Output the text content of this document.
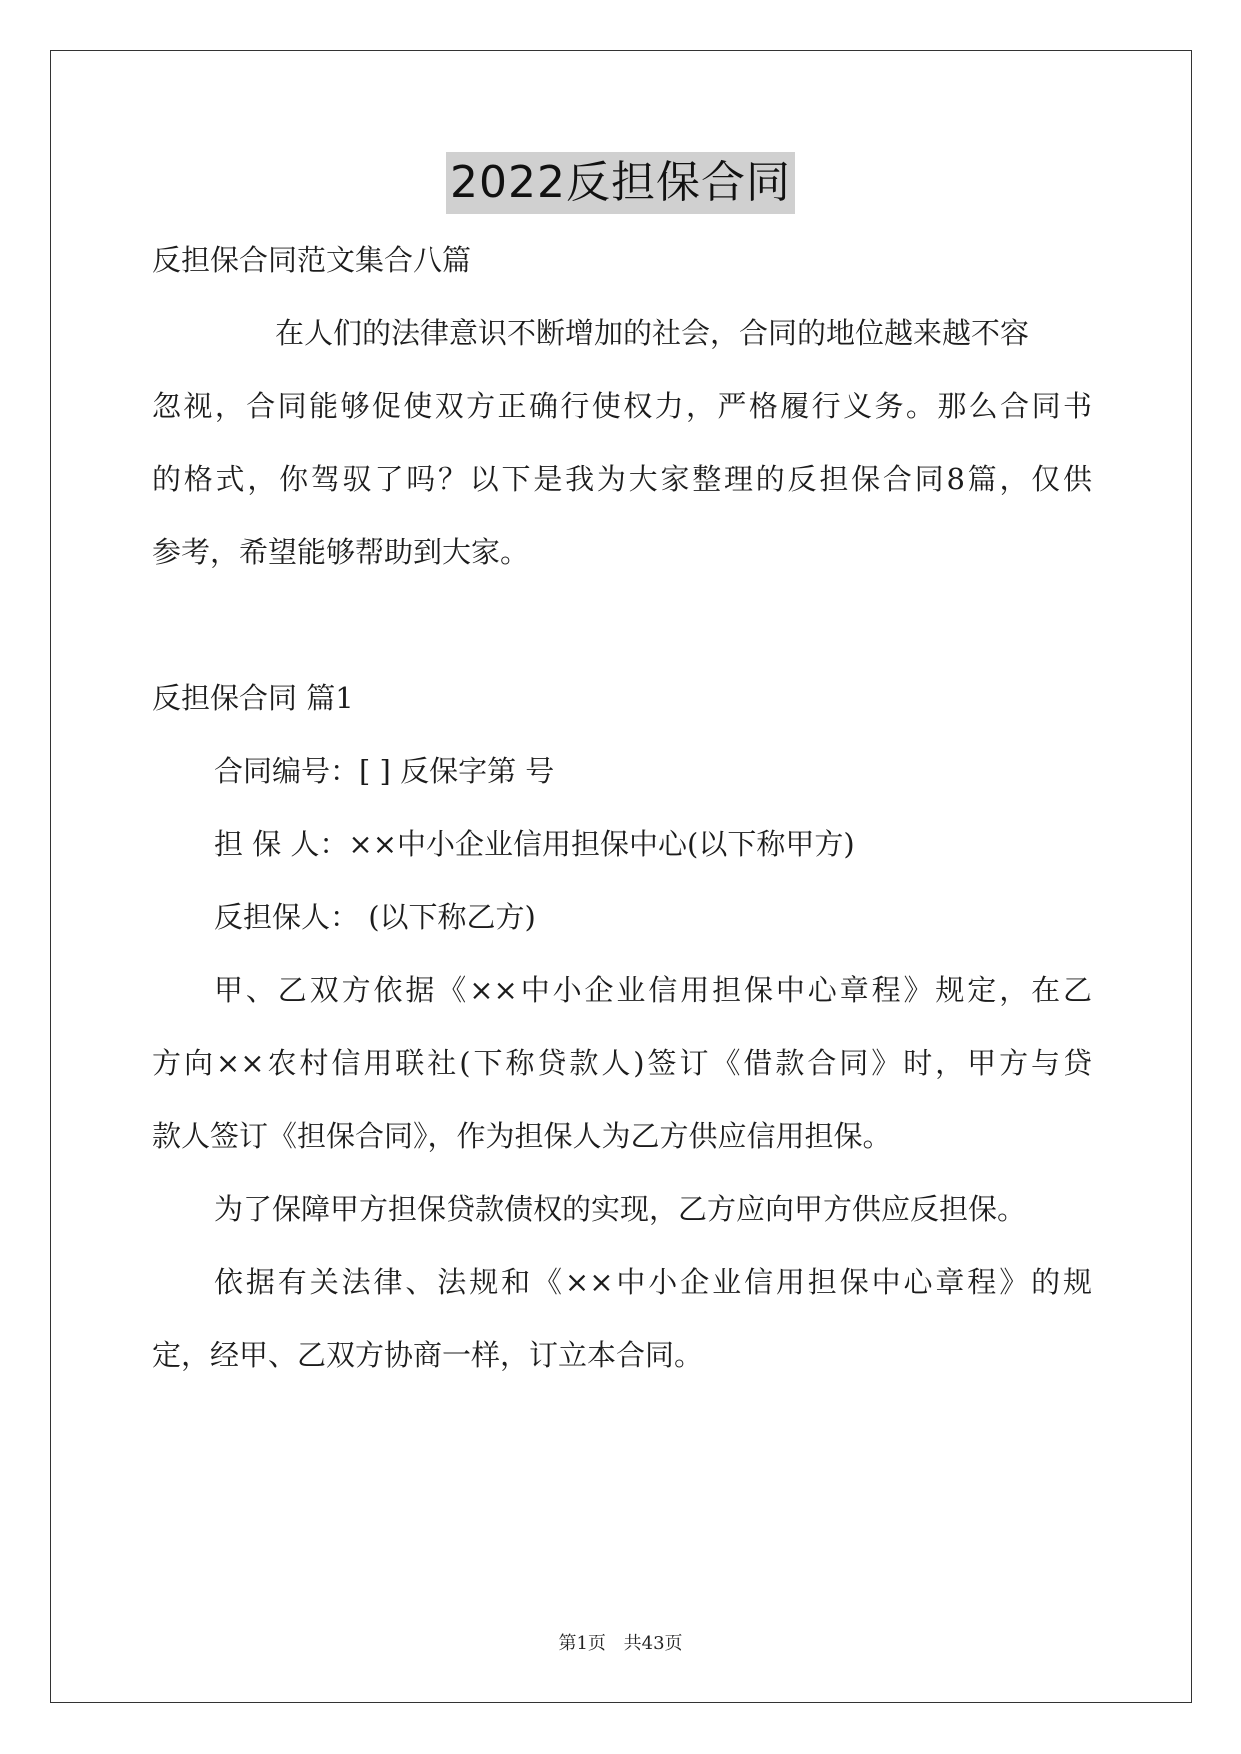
2022反担保合同
反担保合同范文集合八篇
在人们的法律意识不断增加的社会，合同的地位越来越不容
忽视，合同能够促使双方正确行使权力，严格履行义务。那么合同书
的格式，你驾驭了吗？以下是我为大家整理的反担保合同8篇，仅供
参考，希望能够帮助到大家。
反担保合同 篇1
合同编号：[ ] 反保字第 号
担 保 人：××中小企业信用担保中心(以下称甲方)
反担保人： (以下称乙方)
甲、乙双方依据《××中小企业信用担保中心章程》规定，在乙
方向××农村信用联社(下称贷款人)签订《借款合同》时，甲方与贷
款人签订《担保合同》，作为担保人为乙方供应信用担保。
为了保障甲方担保贷款债权的实现，乙方应向甲方供应反担保。
依据有关法律、法规和《××中小企业信用担保中心章程》的规
定，经甲、乙双方协商一样，订立本合同。
第1页 共43页
